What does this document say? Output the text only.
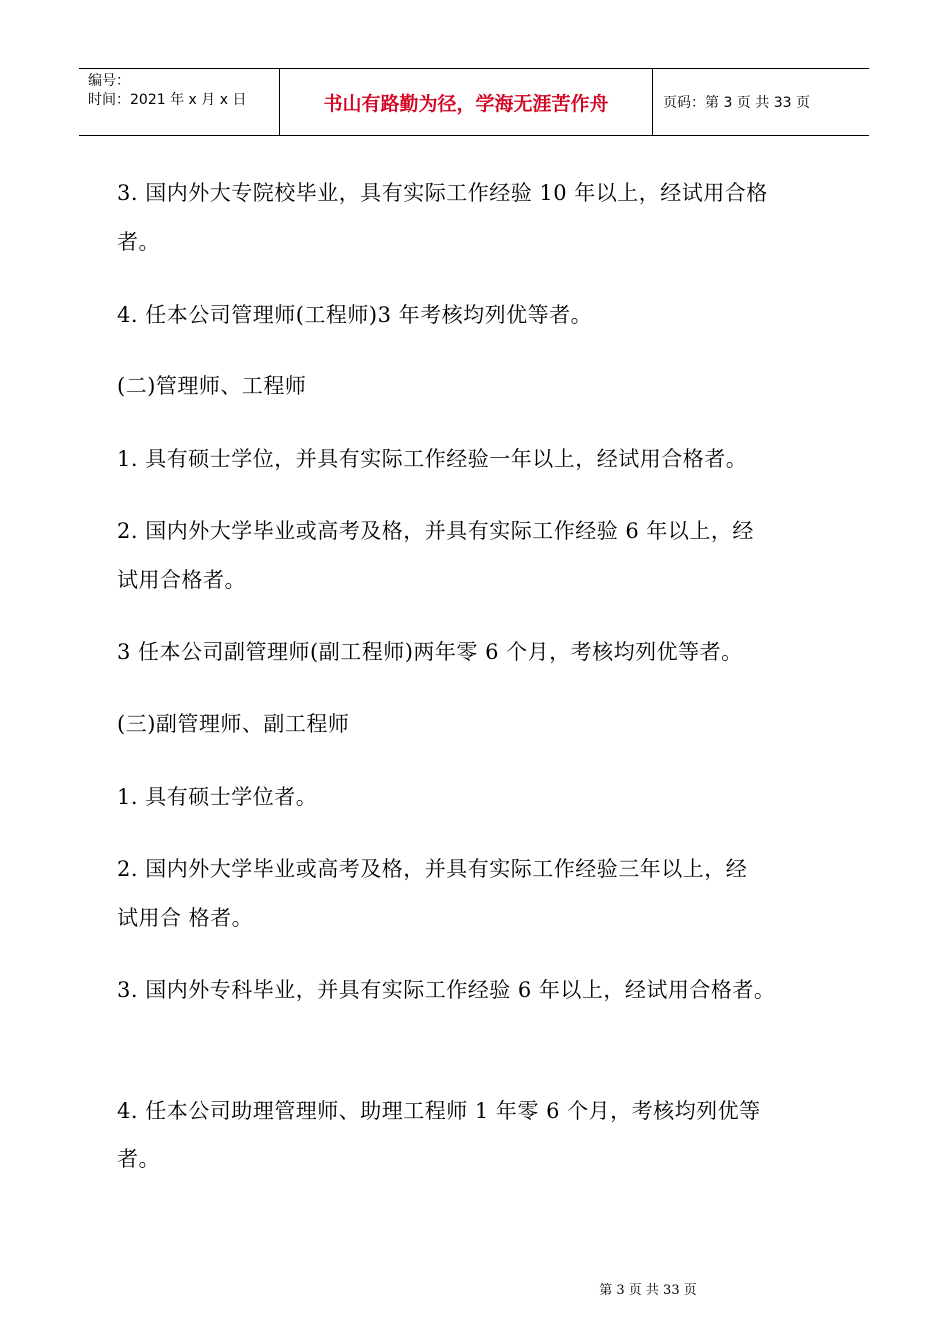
编号：
时间：2021 年 x 月 x 日	书山有路勤为径，学海无涯苦作舟	页码：第 3 页 共 33 页
3. 国内外大专院校毕业，具有实际工作经验 10 年以上，经试用合格
者。
4. 任本公司管理师(工程师)3 年考核均列优等者。
(二)管理师、工程师
1. 具有硕士学位，并具有实际工作经验一年以上，经试用合格者。
2. 国内外大学毕业或高考及格，并具有实际工作经验 6 年以上，经
试用合格者。
3 任本公司副管理师(副工程师)两年零 6 个月，考核均列优等者。
(三)副管理师、副工程师
1. 具有硕士学位者。
2. 国内外大学毕业或高考及格，并具有实际工作经验三年以上，经
试用合 格者。
3. 国内外专科毕业，并具有实际工作经验 6 年以上，经试用合格者。
4. 任本公司助理管理师、助理工程师 1 年零 6 个月，考核均列优等
者。
第 3 页 共 33 页
